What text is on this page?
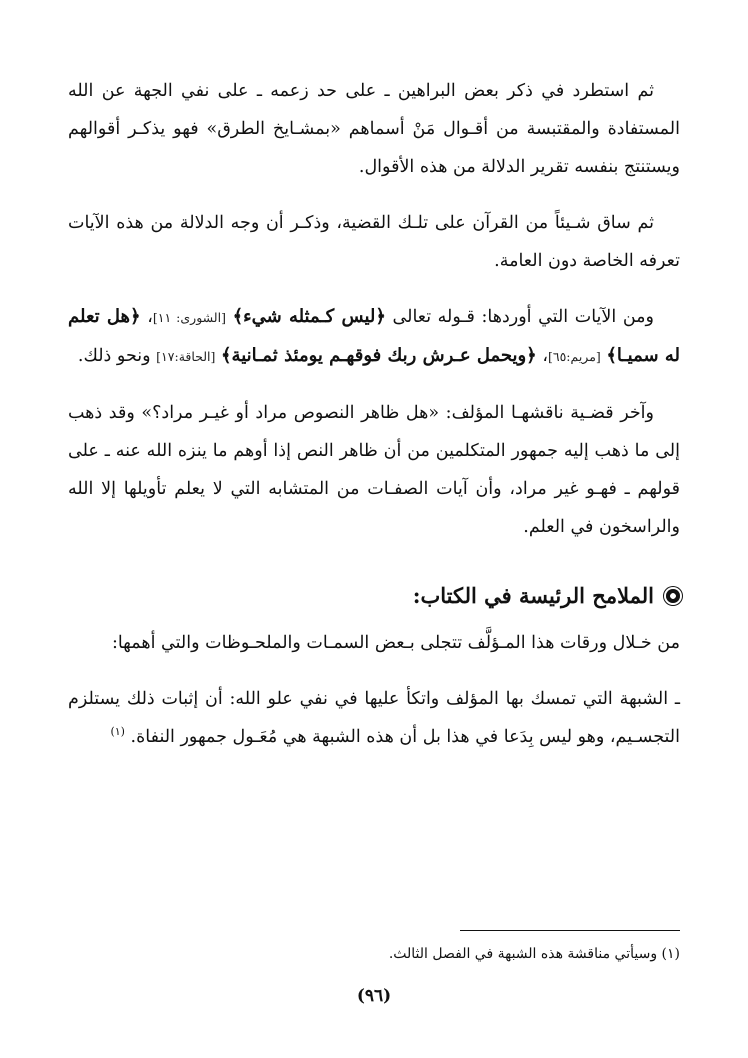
ثم استطرد في ذكر بعض البراهين ـ على حد زعمه ـ على نفي الجهة عن الله المستفادة والمقتبسة من أقـوال مَنْ أسماهم «بمشـايخ الطرق» فهو يذكـر أقوالهم ويستنتج بنفسه تقرير الدلالة من هذه الأقوال.

ثم ساق شـيئاً من القرآن على تلـك القضية، وذكـر أن وجه الدلالة من هذه الآيات تعرفه الخاصة دون العامة.

ومن الآيات التي أوردها: قـوله تعالى ﴿ليس كـمثله شيء﴾ [الشورى: ١١]، ﴿هل تعلم له سميـا﴾ [مريم:٦٥]، ﴿ويحمل عـرش ربك فوقهـم يومئذ ثمـانية﴾ [الحاقة:١٧] ونحو ذلك.

وآخر قضـية ناقشهـا المؤلف: «هل ظاهر النصوص مراد أو غيـر مراد؟» وقد ذهب إلى ما ذهب إليه جمهور المتكلمين من أن ظاهر النص إذا أوهم ما ينزه الله عنه ـ على قولهم ـ فهـو غير مراد، وأن آيات الصفـات من المتشابه التي لا يعلم تأويلها إلا الله والراسخون في العلم.

الملامح الرئيسة في الكتاب:

من خـلال ورقات هذا المـؤلَّف تتجلى بـعض السمـات والملحـوظات والتي أهمها:

ـ الشبهة التي تمسك بها المؤلف واتكأ عليها في نفي علو الله: أن إثبات ذلك يستلزم التجسـيم، وهو ليس بِدَعا في هذا بل أن هذه الشبهة هي مُعَـول جمهور النفاة. $^{(١)}$

(١) وسيأتي مناقشة هذه الشبهة في الفصل الثالث.
(٩٦)
